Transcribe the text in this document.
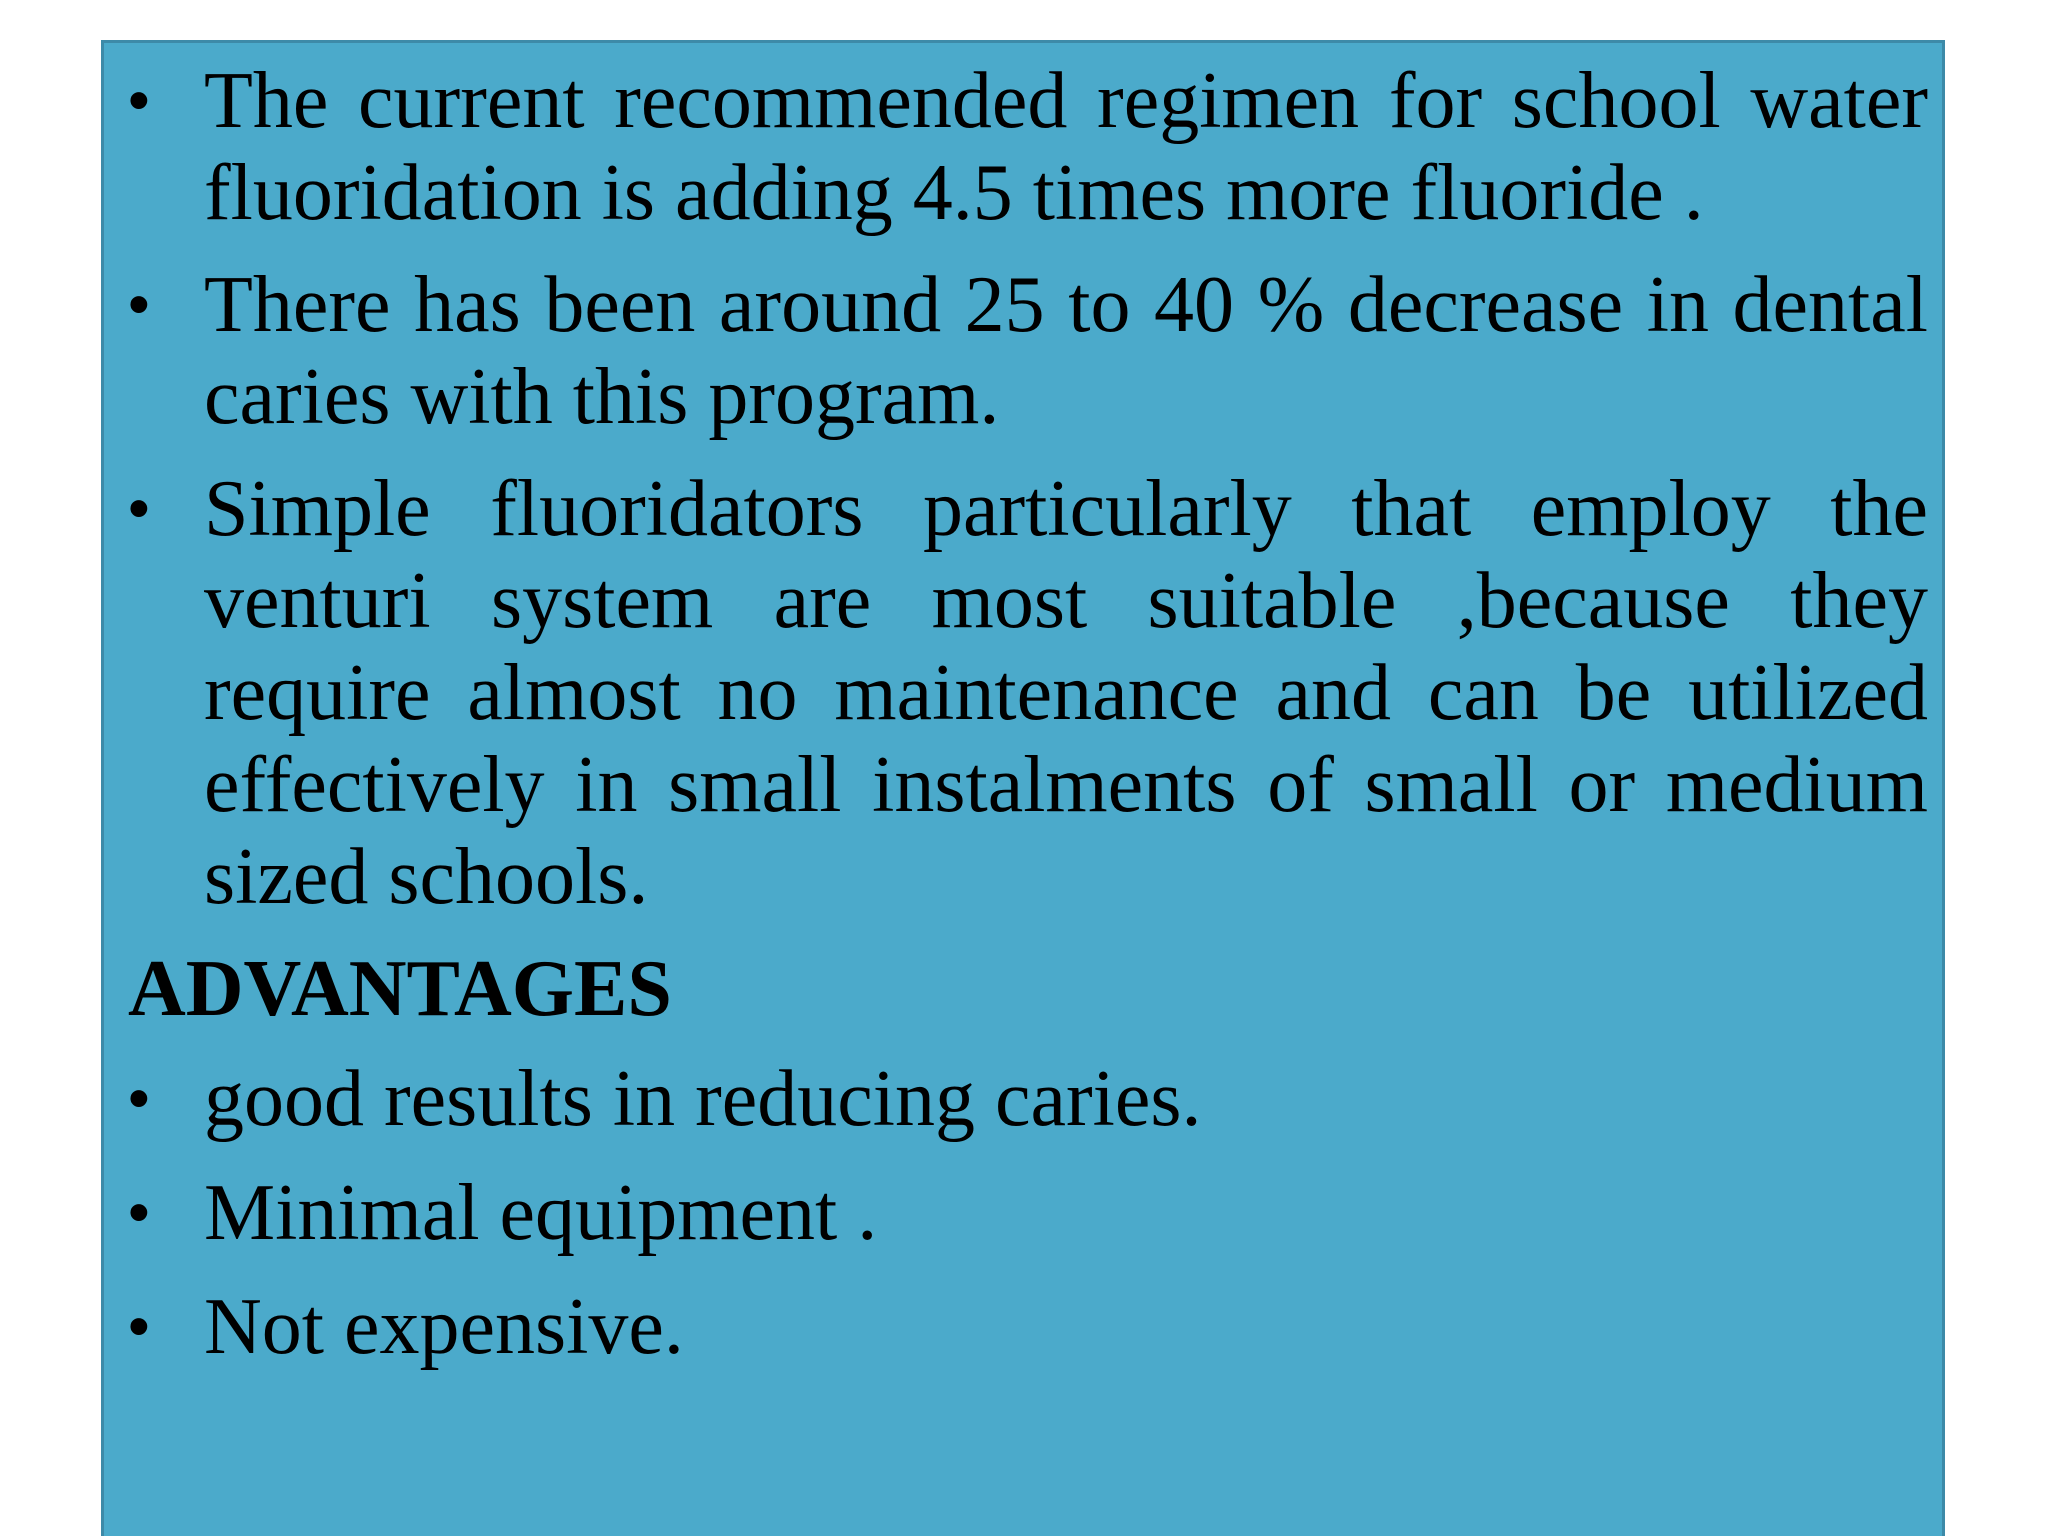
• The current recommended regimen for school water fluoridation is adding 4.5 times more fluoride .
• There has been around 25 to 40 % decrease in dental caries with this program.
• Simple fluoridators particularly that employ the venturi system are most suitable ,because they require almost no maintenance and can be utilized effectively in small instalments of small or medium sized schools.
ADVANTAGES
• good results in reducing caries.
• Minimal equipment .
• Not expensive.
